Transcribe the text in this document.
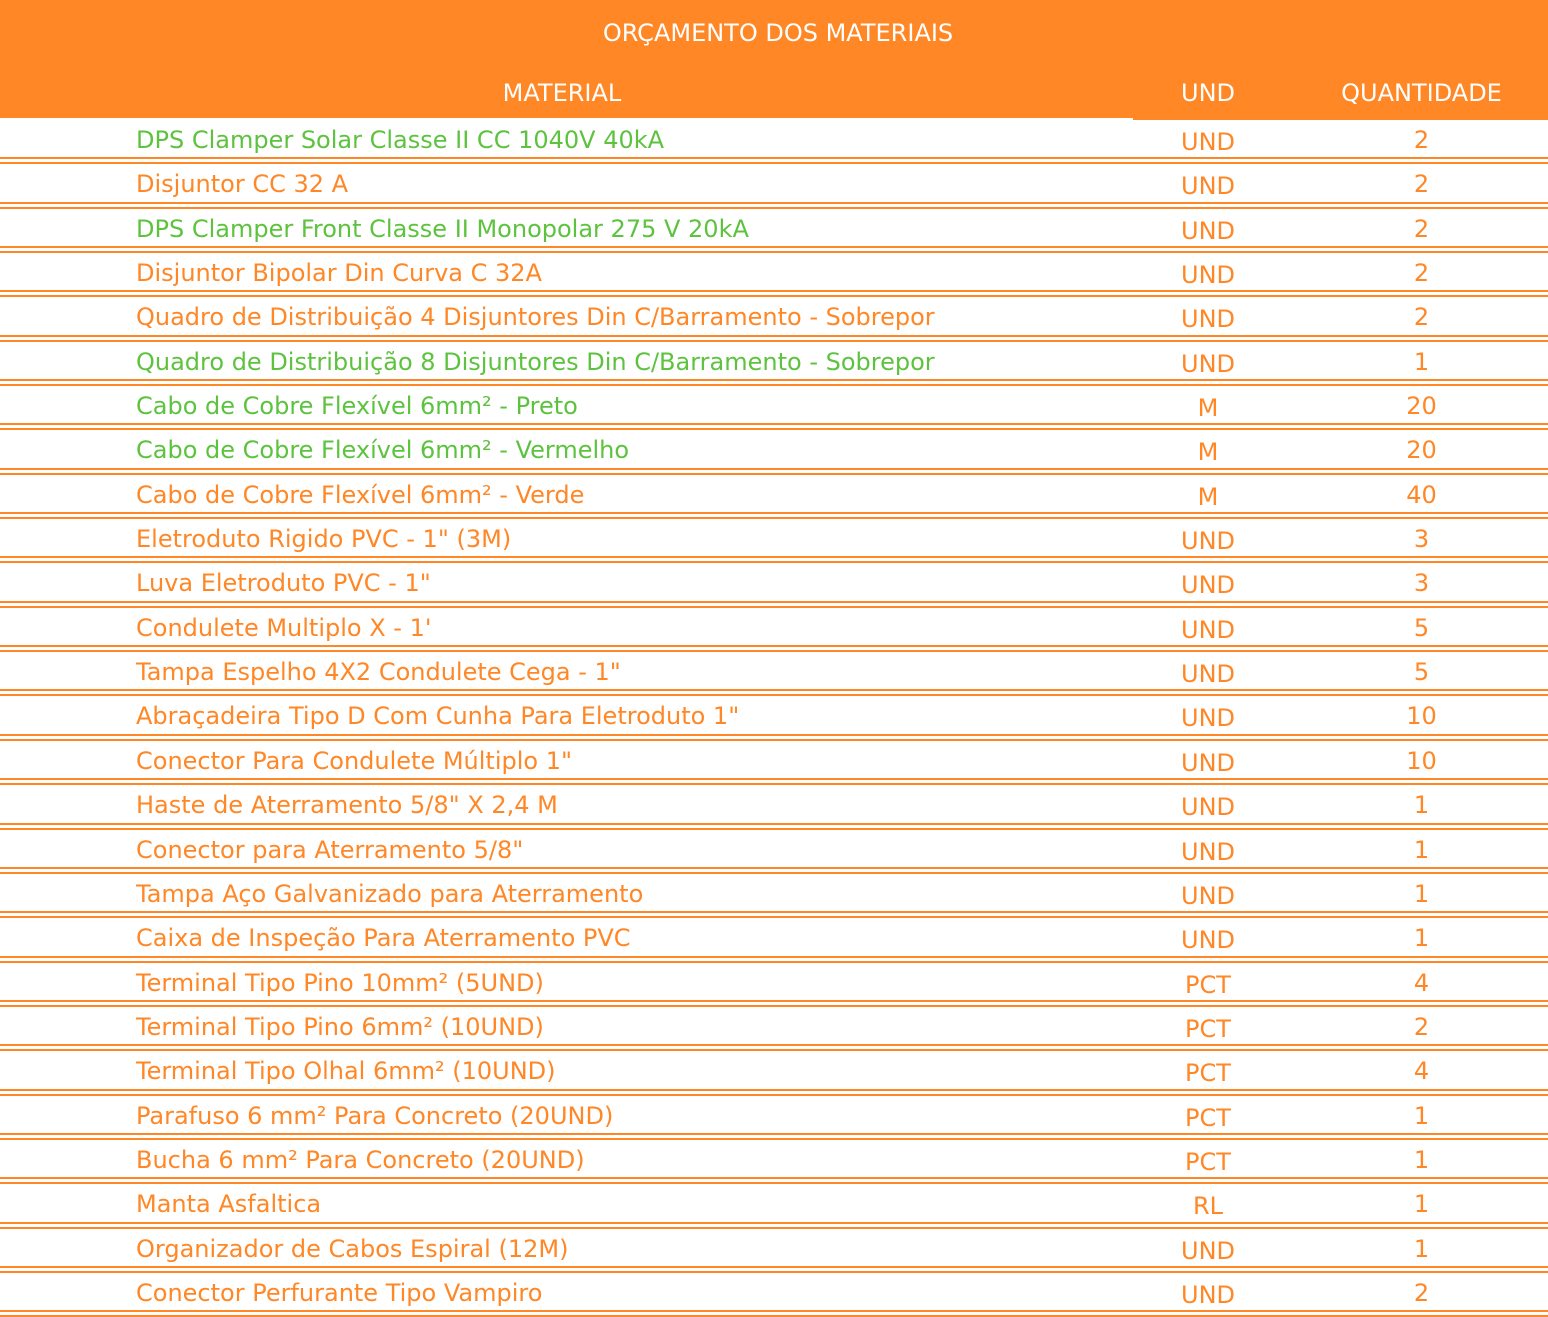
ORÇAMENTO DOS MATERIAIS
MATERIAL	UND	QUANTIDADE
DPS Clamper Solar Classe II CC 1040V 40kA	UND	2
Disjuntor CC 32 A	UND	2
DPS Clamper Front Classe II Monopolar 275 V 20kA	UND	2
Disjuntor Bipolar Din Curva C 32A	UND	2
Quadro de Distribuição 4 Disjuntores Din C/Barramento - Sobrepor	UND	2
Quadro de Distribuição 8 Disjuntores Din C/Barramento - Sobrepor	UND	1
Cabo de Cobre Flexível 6mm² - Preto	M	20
Cabo de Cobre Flexível 6mm² - Vermelho	M	20
Cabo de Cobre Flexível 6mm² - Verde	M	40
Eletroduto Rigido PVC - 1" (3M)	UND	3
Luva Eletroduto PVC - 1"	UND	3
Condulete Multiplo X - 1'	UND	5
Tampa Espelho 4X2 Condulete Cega - 1"	UND	5
Abraçadeira Tipo D Com Cunha Para Eletroduto 1"	UND	10
Conector Para Condulete Múltiplo 1"	UND	10
Haste de Aterramento 5/8" X 2,4 M	UND	1
Conector para Aterramento 5/8"	UND	1
Tampa Aço Galvanizado para Aterramento	UND	1
Caixa de Inspeção Para Aterramento PVC	UND	1
Terminal Tipo Pino 10mm² (5UND)	PCT	4
Terminal Tipo Pino 6mm² (10UND)	PCT	2
Terminal Tipo Olhal 6mm² (10UND)	PCT	4
Parafuso 6 mm² Para Concreto (20UND)	PCT	1
Bucha 6 mm² Para Concreto (20UND)	PCT	1
Manta Asfaltica	RL	1
Organizador de Cabos Espiral (12M)	UND	1
Conector Perfurante Tipo Vampiro	UND	2
